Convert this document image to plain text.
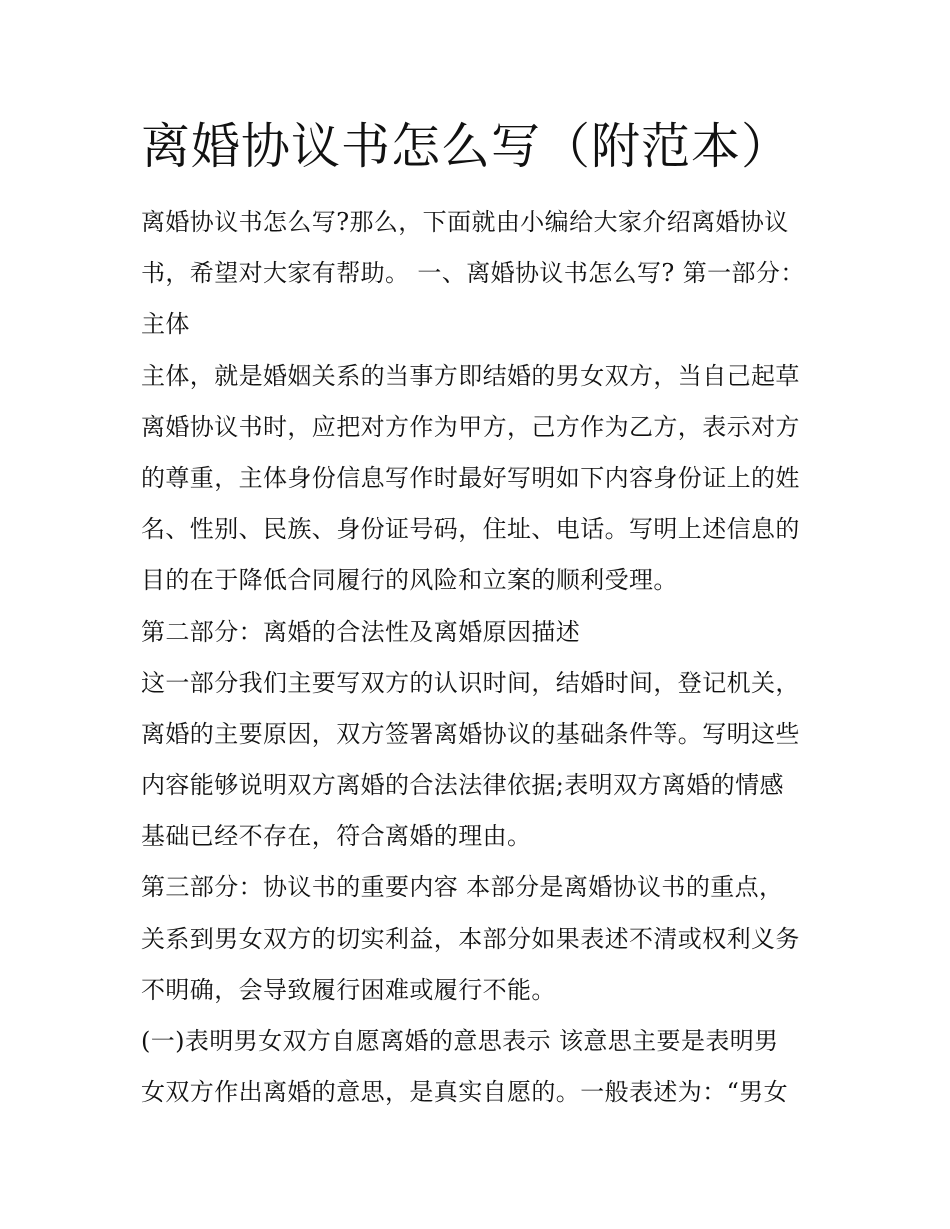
离婚协议书怎么写（附范本）
离婚协议书怎么写?那么，下面就由小编给大家介绍离婚协议
书，希望对大家有帮助。 一、离婚协议书怎么写? 第一部分：
主体
主体，就是婚姻关系的当事方即结婚的男女双方，当自己起草
离婚协议书时，应把对方作为甲方，己方作为乙方，表示对方
的尊重，主体身份信息写作时最好写明如下内容身份证上的姓
名、性别、民族、身份证号码，住址、电话。写明上述信息的
目的在于降低合同履行的风险和立案的顺利受理。
第二部分：离婚的合法性及离婚原因描述
这一部分我们主要写双方的认识时间，结婚时间，登记机关，
离婚的主要原因，双方签署离婚协议的基础条件等。写明这些
内容能够说明双方离婚的合法法律依据;表明双方离婚的情感
基础已经不存在，符合离婚的理由。
第三部分：协议书的重要内容 本部分是离婚协议书的重点，
关系到男女双方的切实利益，本部分如果表述不清或权利义务
不明确，会导致履行困难或履行不能。
(一)表明男女双方自愿离婚的意思表示 该意思主要是表明男
女双方作出离婚的意思，是真实自愿的。一般表述为：“男女
